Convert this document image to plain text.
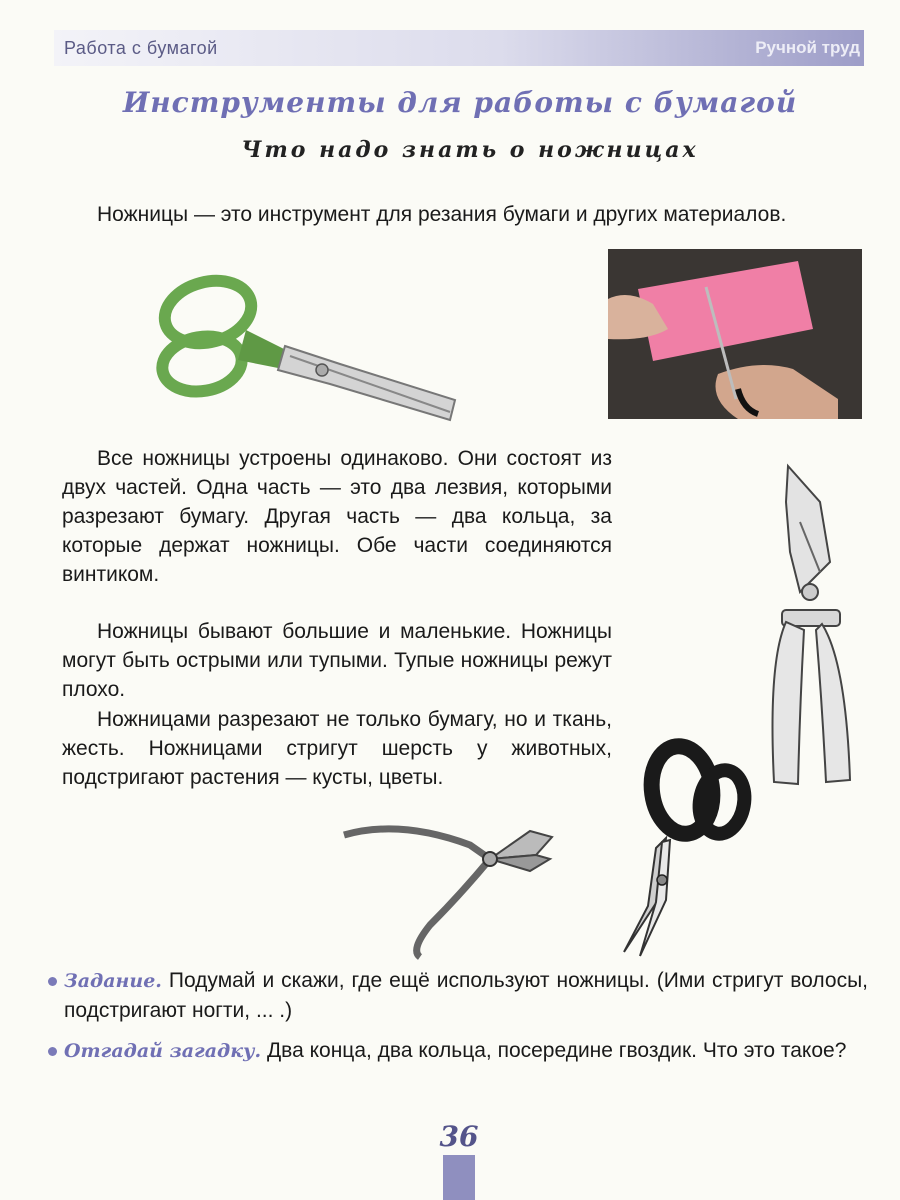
Работа с бумагой	Ручной труд
Инструменты для работы с бумагой
Что надо знать о ножницах
Ножницы — это инструмент для резания бумаги и других материалов.
Все ножницы устроены одинаково. Они состоят из двух частей. Одна часть — это два лезвия, которыми разрезают бумагу. Другая часть — два кольца, за которые держат ножницы. Обе части соединяются винтиком.
Ножницы бывают большие и маленькие. Ножницы могут быть острыми или тупыми. Тупые ножницы режут плохо.
Ножницами разрезают не только бумагу, но и ткань, жесть. Ножницами стригут шерсть у животных, подстригают растения — кусты, цветы.
Задание. Подумай и скажи, где ещё используют ножницы. (Ими стригут волосы, подстригают ногти, ... .)
Отгадай загадку. Два конца, два кольца, посередине гвоздик. Что это такое?
36
